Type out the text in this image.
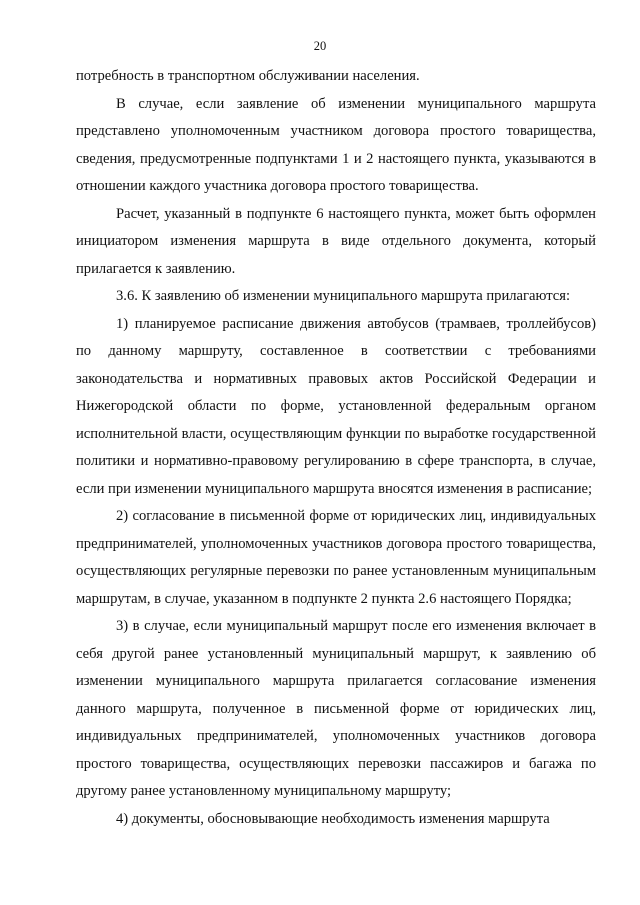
20

потребность в транспортном обслуживании населения.

В случае, если заявление об изменении муниципального маршрута представлено уполномоченным участником договора простого товарищества, сведения, предусмотренные подпунктами 1 и 2 настоящего пункта, указываются в отношении каждого участника договора простого товарищества.

Расчет, указанный в подпункте 6 настоящего пункта, может быть оформлен инициатором изменения маршрута в виде отдельного документа, который прилагается к заявлению.

3.6. К заявлению об изменении муниципального маршрута прилагаются:

1) планируемое расписание движения автобусов (трамваев, троллейбусов) по данному маршруту, составленное в соответствии с требованиями законодательства и нормативных правовых актов Российской Федерации и Нижегородской области по форме, установленной федеральным органом исполнительной власти, осуществляющим функции по выработке государственной политики и нормативно-правовому регулированию в сфере транспорта, в случае, если при изменении муниципального маршрута вносятся изменения в расписание;

2) согласование в письменной форме от юридических лиц, индивидуальных предпринимателей, уполномоченных участников договора простого товарищества, осуществляющих регулярные перевозки по ранее установленным муниципальным маршрутам, в случае, указанном в подпункте 2 пункта 2.6 настоящего Порядка;

3) в случае, если муниципальный маршрут после его изменения включает в себя другой ранее установленный муниципальный маршрут, к заявлению об изменении муниципального маршрута прилагается согласование изменения данного маршрута, полученное в письменной форме от юридических лиц, индивидуальных предпринимателей, уполномоченных участников договора простого товарищества, осуществляющих перевозки пассажиров и багажа по другому ранее установленному муниципальному маршруту;

4) документы, обосновывающие необходимость изменения маршрута
